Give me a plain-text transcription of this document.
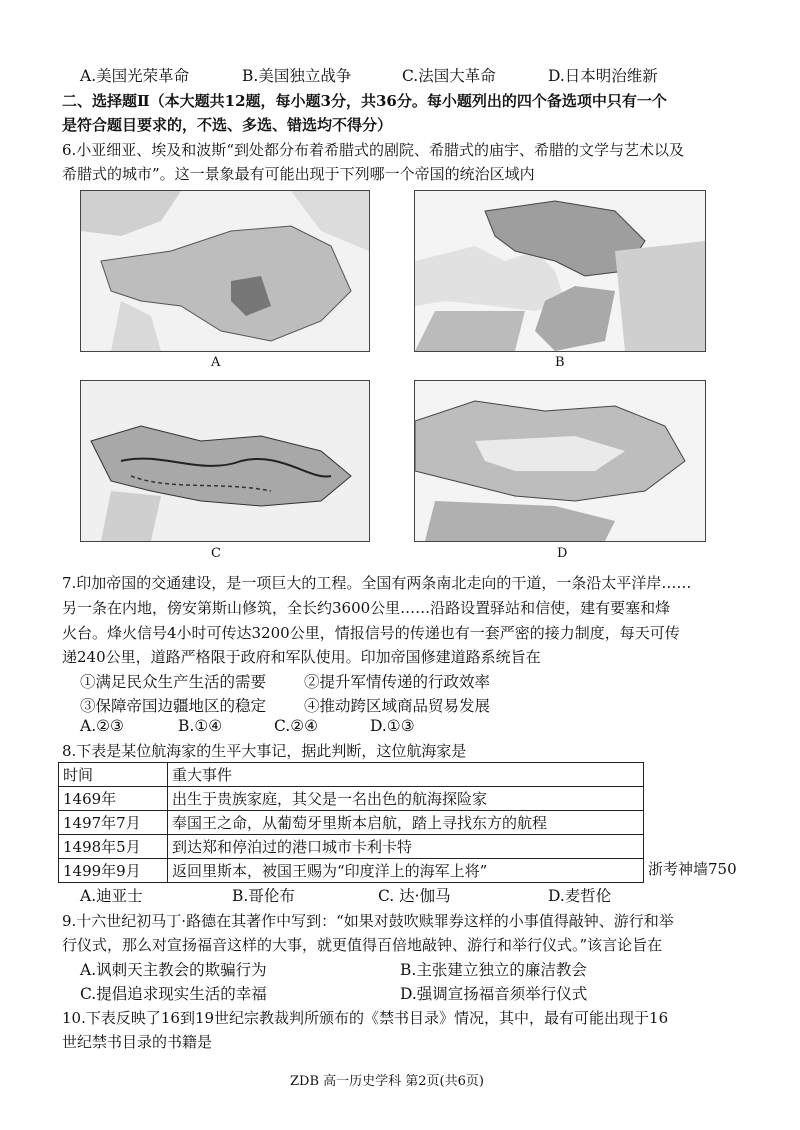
A.美国光荣革命	B.美国独立战争	C.法国大革命	D.日本明治维新
二、选择题Ⅱ（本大题共12题，每小题3分，共36分。每小题列出的四个备选项中只有一个
是符合题目要求的，不选、多选、错选均不得分）
6.小亚细亚、埃及和波斯“到处都分布着希腊式的剧院、希腊式的庙宇、希腊的文学与艺术以及
希腊式的城市”。这一景象最有可能出现于下列哪一个帝国的统治区域内
A	B
C	D
7.印加帝国的交通建设，是一项巨大的工程。全国有两条南北走向的干道，一条沿太平洋岸……
另一条在内地，傍安第斯山修筑，全长约3600公里……沿路设置驿站和信使，建有要塞和烽
火台。烽火信号4小时可传达3200公里，情报信号的传递也有一套严密的接力制度，每天可传
递240公里，道路严格限于政府和军队使用。印加帝国修建道路系统旨在
①满足民众生产生活的需要 ②提升军情传递的行政效率
③保障帝国边疆地区的稳定 ④推动跨区域商品贸易发展
A.②③	B.①④	C.②④	D.①③
8.下表是某位航海家的生平大事记，据此判断，这位航海家是
时间	重大事件
1469年	出生于贵族家庭，其父是一名出色的航海探险家
1497年7月	奉国王之命，从葡萄牙里斯本启航，踏上寻找东方的航程
1498年5月	到达郑和停泊过的港口城市卡利卡特
1499年9月	返回里斯本，被国王赐为“印度洋上的海军上将”	浙考神墙750
A.迪亚士	B.哥伦布	C. 达·伽马	D.麦哲伦
9.十六世纪初马丁·路德在其著作中写到：“如果对鼓吹赎罪券这样的小事值得敲钟、游行和举
行仪式，那么对宣扬福音这样的大事，就更值得百倍地敲钟、游行和举行仪式。”该言论旨在
A.讽刺天主教会的欺骗行为	B.主张建立独立的廉洁教会
C.提倡追求现实生活的幸福	D.强调宣扬福音须举行仪式
10.下表反映了16到19世纪宗教裁判所颁布的《禁书目录》情况，其中，最有可能出现于16
世纪禁书目录的书籍是
ZDB 高一历史学科 第2页(共6页)
